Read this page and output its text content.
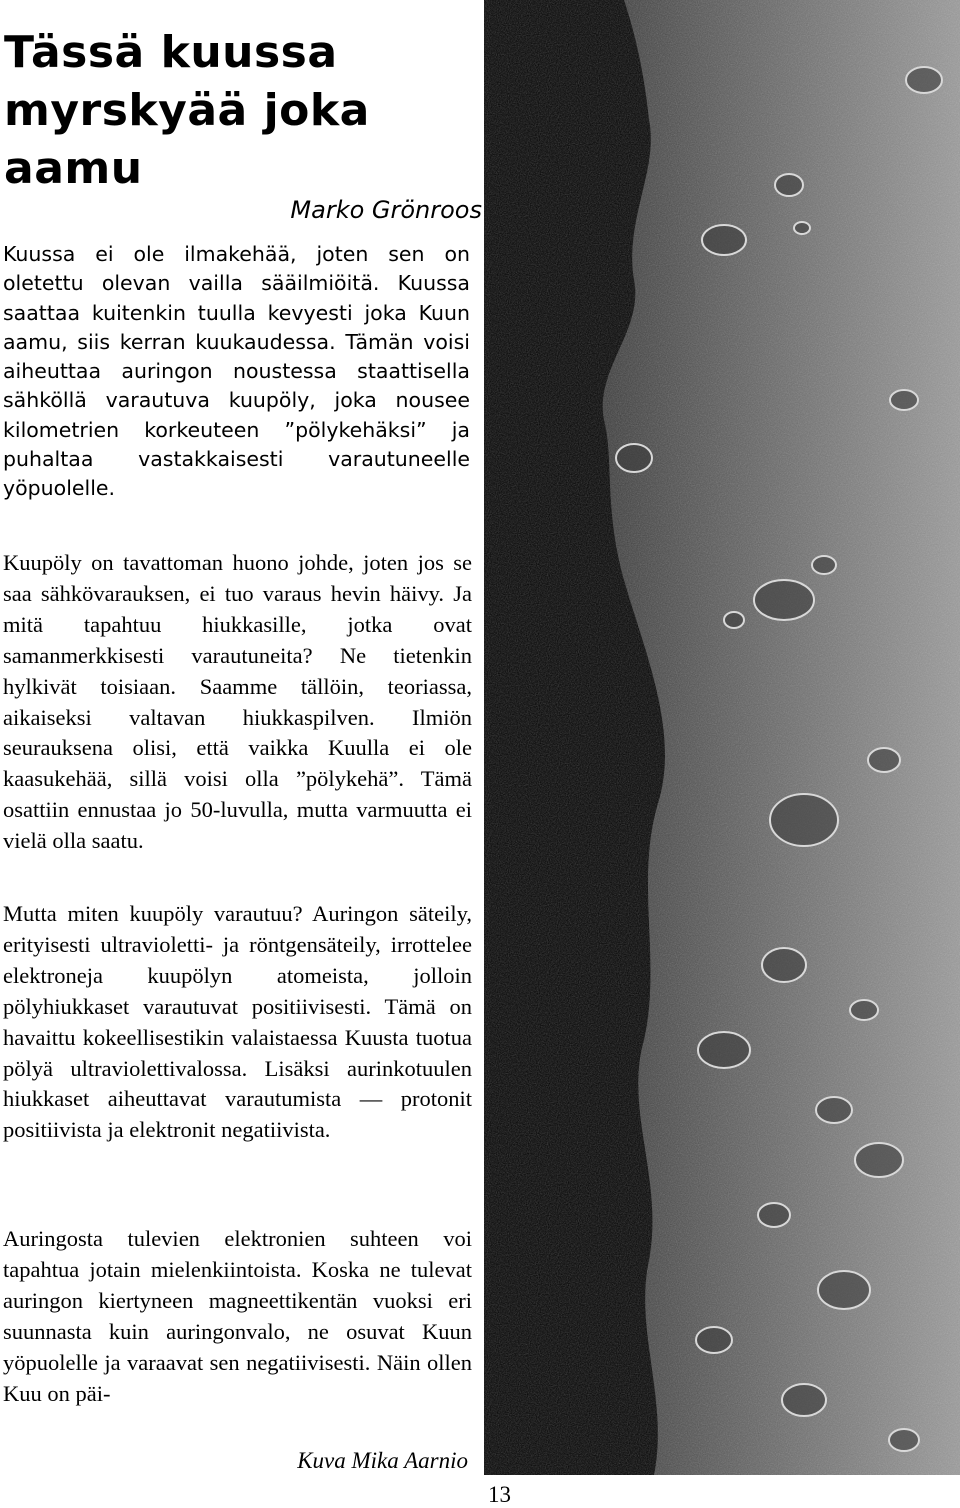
Tässä kuussa myrskyää joka aamu
Marko Grönroos

Kuussa ei ole ilmakehää, joten sen on oletettu olevan vailla sääilmiöitä. Kuussa saattaa kuitenkin tuulla kevyesti joka Kuun aamu, siis kerran kuukaudessa. Tämän voisi aiheuttaa auringon noustessa staattisella sähköllä varautuva kuupöly, joka nousee kilometrien korkeuteen ”pölykehäksi” ja puhaltaa vastakkaisesti varautuneelle yöpuolelle.

Kuupöly on tavattoman huono johde, joten jos se saa sähkövarauksen, ei tuo varaus hevin häivy. Ja mitä tapahtuu hiukkasille, jotka ovat samanmerkkisesti varautuneita? Ne tietenkin hylkivät toisiaan. Saamme tällöin, teoriassa, aikaiseksi valtavan hiukkaspilven. Ilmiön seurauksena olisi, että vaikka Kuulla ei ole kaasukehää, sillä voisi olla ”pölykehä”. Tämä osattiin ennustaa jo 50-luvulla, mutta varmuutta ei vielä olla saatu.

Mutta miten kuupöly varautuu? Auringon säteily, erityisesti ultravioletti- ja röntgensäteily, irrottelee elektroneja kuupölyn atomeista, jolloin pölyhiukkaset varautuvat positiivisesti. Tämä on havaittu kokeellisestikin valaistaessa Kuusta tuotua pölyä ultraviolettivalossa. Lisäksi aurinkotuulen hiukkaset aiheuttavat varautumista — protonit positiivista ja elektronit negatiivista.

Auringosta tulevien elektronien suhteen voi tapahtua jotain mielenkiintoista. Koska ne tulevat auringon kiertyneen magneettikentän vuoksi eri suunnasta kuin auringonvalo, ne osuvat Kuun yöpuolelle ja varaavat sen negatiivisesti. Näin ollen Kuu on päi-

Kuva Mika Aarnio
13
